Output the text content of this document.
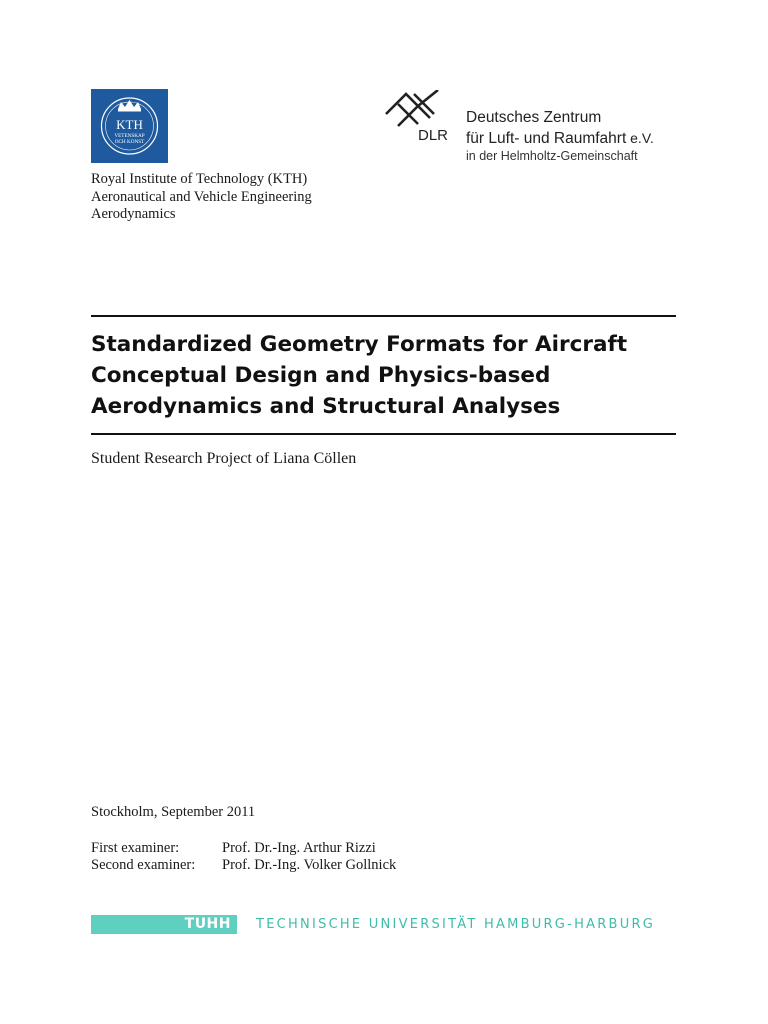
KTH
VETENSKAP
OCH KONST	DLR
Deutsches Zentrum
für Luft- und Raumfahrt e.V.
in der Helmholtz-Gemeinschaft
Royal Institute of Technology (KTH)
Aeronautical and Vehicle Engineering
Aerodynamics
Standardized Geometry Formats for Aircraft
Conceptual Design and Physics-based
Aerodynamics and Structural Analyses
Student Research Project of Liana Cöllen
Stockholm, September 2011
First examiner:	Prof. Dr.-Ing. Arthur Rizzi
Second examiner:	Prof. Dr.-Ing. Volker Gollnick
TUHH TECHNISCHE UNIVERSITÄT HAMBURG-HARBURG
